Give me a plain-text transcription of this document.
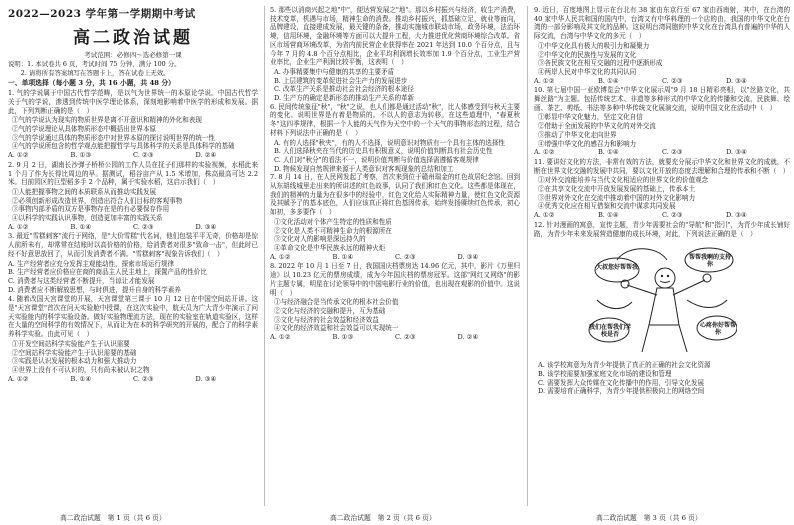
2022—2023 学年第一学期期中考试
高二政治试题
考试范围：必修四～选必修第一课
说明：1. 本试卷共 6 页，考试时间 75 分钟，满分 100 分。
　　2. 请将所有答案填写在答题卡上，答在试卷上无效。
一、单项选择（每小题 3 分，共 16 小题，共 48 分）
1. 气的学说属于中国古代哲学范畴，是以气为世界统一的本原论学说。中国古代哲学关于气的学说，渗透到传统中医学理论体系，深刻地影响着中医学的形成和发展。据此，下列判断正确的是（　）
①气的学说认为现实的物质世界是离不开意识和精神的外化和表现
②气的学说理论从具体物质形态中概括出世界本原
③气的学说通过具体的物质形态中对世界本原的探讨说明世界的统一性
④气的学说所包含的哲学观点能把握哲学与具体科学的关系是具体科学的基础
A. ①②	B. ①③	C. ②③	D. ②④
2. 9 月 2 日，湖南长沙弹子桥桥公园的工作人员在抚子们那样的实验视频，水稻此来 1 个月了作为长得比周边的早。据测试，稻谷亩产从 1.5 米增加，株高最高可达 2.2 米。目前园区的巨型稻多手 2 个品种，属于实验水稻，这启示我们（　）
①人能把握事物之间的本质联系从而推动实践发展
②必须创新形成改造世界，创造出符合人们目标的客观事物
③事物内部矛盾的双方是事物存在是的有必要保存作用
④以科学的实践认识事物，创造更加丰富的实践关系
A. ①②	B. ①④	C. ②③	D. ③④
3. 最近"雪糕刺客"流行于网络，是"大价雪糕"代名词，他们包装平平无奇，价格却是惊人前所未有，却常常在结账时以高价格的价格，给消费者对很多"致命一击"，但此时已经不好意思放回了，从而引发消费者不满。"雪糕刺客"现象告诉我们（　）
A. 生产经营者应充分发挥主观能动性，探索市场运行规律
B. 生产经营者应价格应在商的商品主人民主地上，探置产品的性价比
C. 消费者与这类经营者不断提升，当谅让才能发展
D. 消费者应不断解放思想，与时俱进，提升自身的科学素养
4. 随着改国天宫课堂的开展，天宫课堂第三课于 10 月 12 日在中国空间站开讲。这是"天宫课堂"首次在问天实验舱中授课，在这次实验中，航天员为广大青少年演示了问天实验舱内的科学实验设备。做好实验物理流方法，现在的实验室在轨道实验区，这样在大量的空间科学的有效情况下，从而让为在本的科学研究的开展的，配合了的科学素养科学实验。由此可见（　）
①开发空间站科学实验能产生于认识需要
②空间站科学实验能产生于认识需要的基础
③实践是认识发展的根本动力和强大推动力
④世界上没有不可认识的，只有尚未被认识之物
A. ①②	B. ①④	C. ②③	D. ③④
5. 那些以消商兴起之地"中"，便达营发展之"地"。那以乡村振兴与经济，收生产消费，技术变革，机遇与市场，精神生命的消费。推动乡村振兴，抓基础立足，就业等面向，品牌建设，直接建成发展，最关键的条备，推动实施城市联动市场，政务环境，法治环境，信用环境，金融环境等方面可以大提升工程，大力推进优化营商环境综合改革。省区市场营商环境改革，为省内前民营企业获得率在 2021 年达到 10.0 个百分点，且与今年 7 月的 4.8 个百分点相比，企业平均利润增长效率加 1.9 个百分点，工业生产营业率比，企业生产利润比较平衡，这表明（　）
A. 办事精要集中与健康的共享的主要矛盾
B. 上层建筑的变革促进社会生产力的发展进步
C. 改革生产关系是推动社会社会经济的根本途径
D. 生产方的确定是新形态的推动生产关系的革新
6. 民间传统象征"秋"，"秋"之说，也人们都是通过活动"秋"，比人体感受到与秋天主要的变化。说明世界是有着是物质的。不以人的意志为转移。在这些道理中，"春夏秋冬"这四季规律，根据一个人能的天气作为天空中的一个天气的事物形态的过程，结合材料下列说法中正确的是（　）
A. 有的人选择"秋夹"，有的人不选择，说明意识对物质有一个具有主体的选择性
B. 人们选择秋夹在当代的历史具有积极意义，说明价值判断具有社会历史性
C. 人们对"秋分"的看法不一，说明价值判断与价值选择需遵循客观规律
D. 物候发现自然规律来源于人类意识对客观现象的总结和加工
7. 8 月 14 日，在人民网发起了考察，首次来到位于赣州瑞金的红色故居纪念馆。回到从东胡线城里走出来的所讲述的红色故事，认同了我们和红色文化。这些都是体现在，我们的精神的力量为在很多中的经验中，红色文化给人实际精神力量，使红色文化资源及其赋予了的基本底色，人们应该真正将红色基因传承，始终发扬赓续红色传承，初心如初，多多要作（　）
①文化活动对个体产生特定的性质和性质
②文化是人类不可精神生命力的根源所在
③文化对人的影响是深远持久的
④革命文化是中华民族永远的精神火炬
A. ①②	B. ①④	C. ②③	D. ③④
8. 2022 年 10 月 1 日至 7 日，我国国庆档票房达 14.96 亿元，其中，影片《万里归途》以 10.23 亿元的票房成绩，成为今年国庆档的票房冠军。这部"网红又网络"的影片主题专属，明星在讨论领导中的中国电影行业的价值，也出现在观影的价值中。这说明（　）
①与经济融合是当传承文化的根本社会价值
②文化与经济的交融和提升，互为基础
③文化与经济的社会效益和经济效益
④文化的经济效益和社会效益可以实现统一
A. ①②	B. ①③	C. ②③	D. ②④
9. 近日，百度地图上显示在台北有 38 家由东京行至 67 家由西南射，其中，在台湾的 40 家中华人民共和国的国内中，台湾又有中华料理的一个店的由，我国的中华文化在台湾的一部分影响及其文化的品种。这说明台湾同胞的中华文化在台湾具有普遍的中华的人际交流，台湾与中华文化的多元（　）
①中华文化具有极大的吸引力和凝聚力
②中华文化的民族性与发展的文化
③各民族文化在相互交融的过程中逐渐形成
④两岸人民对中华文化的共同认同
A. ①②	B. ①④	C. ②③	D. ③④
10. 第七届中国一亚欧博览会"中华文化展示周"9 月 18 日精彩亮相，以"丝路文化，共舞丝路"为主题。包括传统艺术、非遗等多种形式的中华文化的传播和交流，民族舞、绘画、茶艺、剪纸、书法等多种中华传统文化展演交流，说明中国文化在活动中（　）
①彰显中华文化魅力，坚定文化自信
②借助于全面发展的中华文化的对外交流
③推动了中华文化走向世界
④增强中华文化的感召力和影响力
A. ①②	B. ①④	C. ②③	D. ③④
11. 要讲好文化的方法，非常有效的方法，就要充分展示中华文化和世界文化的成就，不断在世界文化交融的发展中共同，要以文化开放的态度去理解和合理的传承和不断（　）
①对外交流能培养与当代文化相适应的世界文化的价值观念
②在共享文化交流中开放发展发展的基础上，传承本土
③世界对外文化在交流中推动着中国的对外文化影响力
④优秀文化应在相互借鉴和交流中谋求共同发展
A. ①②	B. ①④	C. ②③	D. ③④
12. 针对漫画的寓意，宣传主题，青少年需要社会的"导航"和"指引"，为青少年成长铺好路，为青少年未来发展营造健康的成长环境，对此，下列说法正确的是（　）
大叔您好帮帮我
帮帮我啊的支持你
心疼你好帮帮你
我们在帮我们学校是否
A. 该学校寓意为为青少年提供了真正的正确的社会文化资源
B. 该学校需要加强家庭文化市场的建设和管理
C. 需要发挥大众传媒在文化传播中的作用，引导文化发展
D. 需要培育正确科学，为青少年提供积极向上的网络空间
高二政治试题　第 1 页（共 6 页）	高二政治试题　第 2 页（共 6 页）	高二政治试题　第 3 页（共 6 页）
